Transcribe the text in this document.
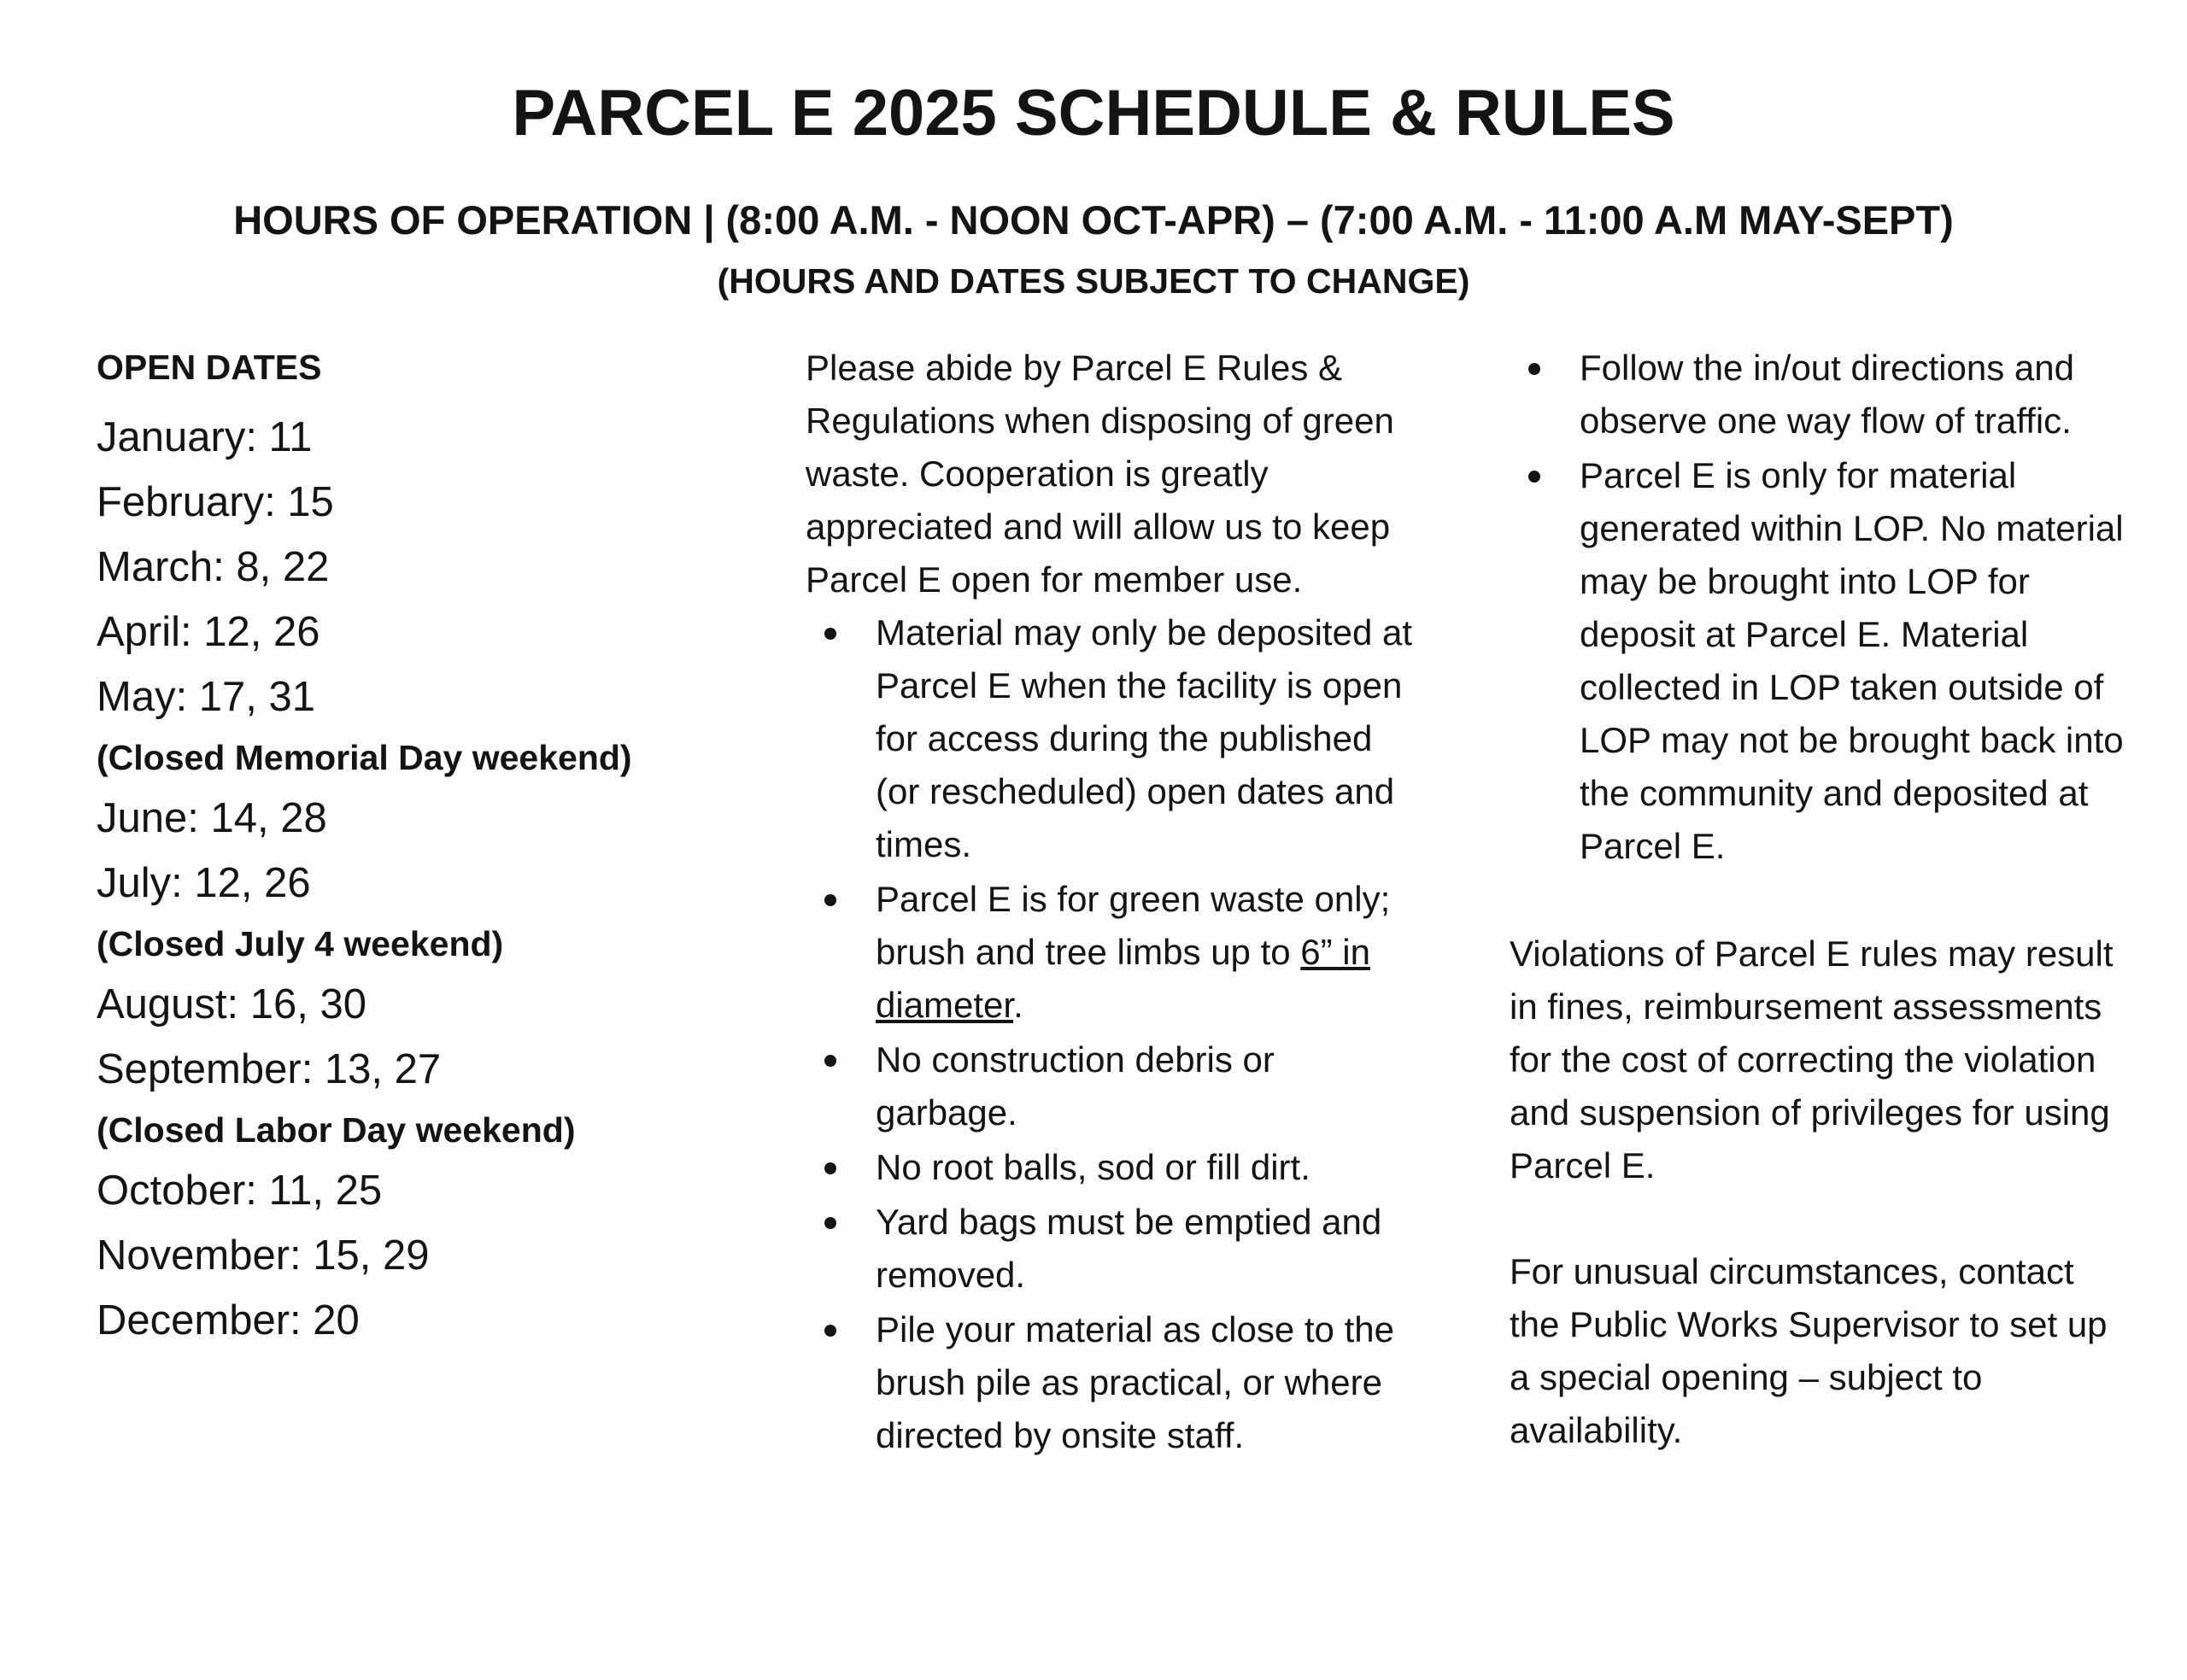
PARCEL E 2025 SCHEDULE & RULES
HOURS OF OPERATION | (8:00 A.M. - NOON OCT-APR) – (7:00 A.M. - 11:00 A.M MAY-SEPT)
(HOURS AND DATES SUBJECT TO CHANGE)
OPEN DATES
January: 11
February: 15
March: 8, 22
April: 12, 26
May: 17, 31
(Closed Memorial Day weekend)
June: 14, 28
July: 12, 26
(Closed July 4 weekend)
August: 16, 30
September: 13, 27
(Closed Labor Day weekend)
October: 11, 25
November: 15, 29
December: 20
Please abide by Parcel E Rules & Regulations when disposing of green waste. Cooperation is greatly appreciated and will allow us to keep Parcel E open for member use.
Material may only be deposited at Parcel E when the facility is open for access during the published (or rescheduled) open dates and times.
Parcel E is for green waste only; brush and tree limbs up to 6” in diameter.
No construction debris or garbage.
No root balls, sod or fill dirt.
Yard bags must be emptied and removed.
Pile your material as close to the brush pile as practical, or where directed by onsite staff.
Follow the in/out directions and observe one way flow of traffic.
Parcel E is only for material generated within LOP. No material may be brought into LOP for deposit at Parcel E. Material collected in LOP taken outside of LOP may not be brought back into the community and deposited at Parcel E.

Violations of Parcel E rules may result in fines, reimbursement assessments for the cost of correcting the violation and suspension of privileges for using Parcel E.

For unusual circumstances, contact the Public Works Supervisor to set up a special opening – subject to availability.
